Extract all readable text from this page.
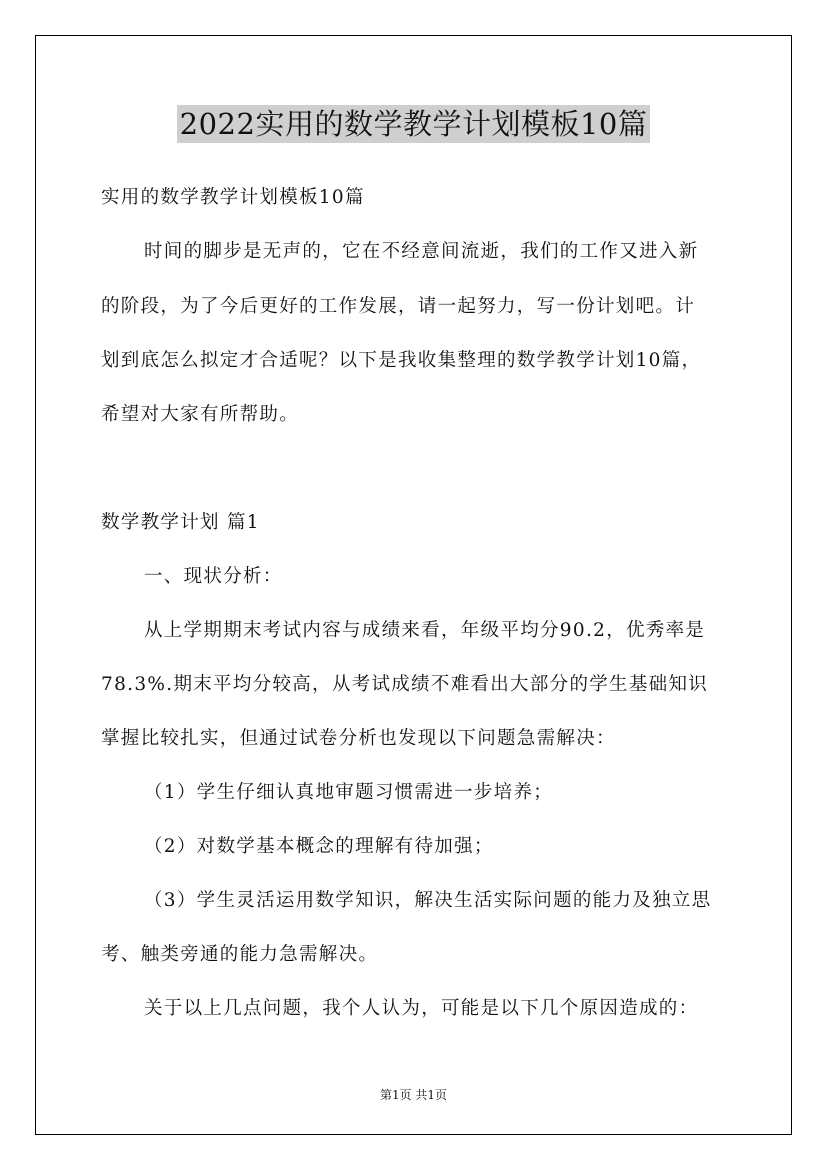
2022实用的数学教学计划模板10篇
实用的数学教学计划模板10篇
时间的脚步是无声的，它在不经意间流逝，我们的工作又进入新
的阶段，为了今后更好的工作发展，请一起努力，写一份计划吧。计
划到底怎么拟定才合适呢？以下是我收集整理的数学教学计划10篇，
希望对大家有所帮助。
数学教学计划 篇1
一、现状分析：
从上学期期末考试内容与成绩来看，年级平均分90.2，优秀率是
78.3%.期末平均分较高，从考试成绩不难看出大部分的学生基础知识
掌握比较扎实，但通过试卷分析也发现以下问题急需解决：
（1）学生仔细认真地审题习惯需进一步培养；
（2）对数学基本概念的理解有待加强；
（3）学生灵活运用数学知识，解决生活实际问题的能力及独立思
考、触类旁通的能力急需解决。
关于以上几点问题，我个人认为，可能是以下几个原因造成的：
第1页 共1页
